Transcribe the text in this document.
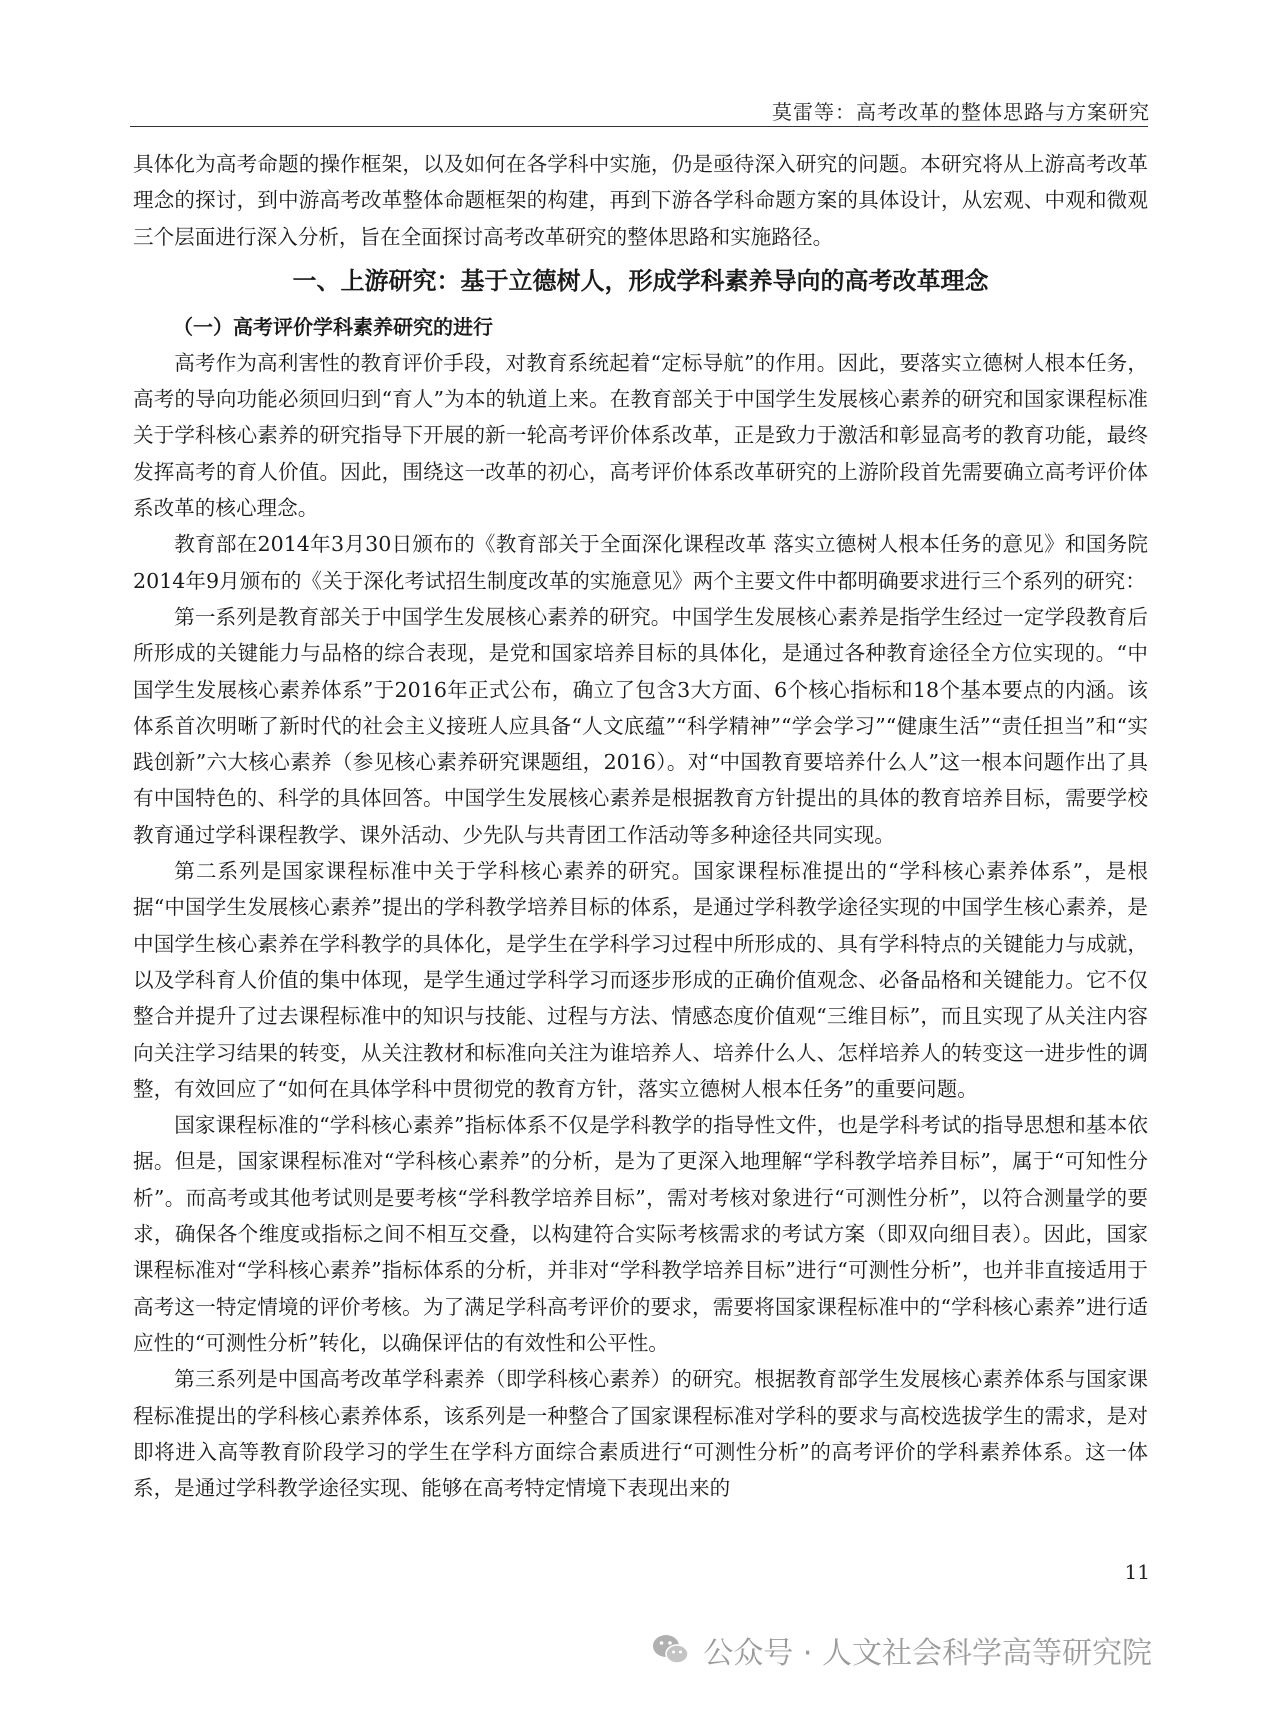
莫雷等：高考改革的整体思路与方案研究

具体化为高考命题的操作框架，以及如何在各学科中实施，仍是亟待深入研究的问题。本研究将从上游高考改革理念的探讨，到中游高考改革整体命题框架的构建，再到下游各学科命题方案的具体设计，从宏观、中观和微观三个层面进行深入分析，旨在全面探讨高考改革研究的整体思路和实施路径。

一、上游研究：基于立德树人，形成学科素养导向的高考改革理念
（一）高考评价学科素养研究的进行

高考作为高利害性的教育评价手段，对教育系统起着“定标导航”的作用。因此，要落实立德树人根本任务，高考的导向功能必须回归到“育人”为本的轨道上来。在教育部关于中国学生发展核心素养的研究和国家课程标准关于学科核心素养的研究指导下开展的新一轮高考评价体系改革，正是致力于激活和彰显高考的教育功能，最终发挥高考的育人价值。因此，围绕这一改革的初心，高考评价体系改革研究的上游阶段首先需要确立高考评价体系改革的核心理念。

教育部在2014年3月30日颁布的《教育部关于全面深化课程改革 落实立德树人根本任务的意见》和国务院2014年9月颁布的《关于深化考试招生制度改革的实施意见》两个主要文件中都明确要求进行三个系列的研究：

第一系列是教育部关于中国学生发展核心素养的研究。中国学生发展核心素养是指学生经过一定学段教育后所形成的关键能力与品格的综合表现，是党和国家培养目标的具体化，是通过各种教育途径全方位实现的。“中国学生发展核心素养体系”于2016年正式公布，确立了包含3大方面、6个核心指标和18个基本要点的内涵。该体系首次明晰了新时代的社会主义接班人应具备“人文底蕴”“科学精神”“学会学习”“健康生活”“责任担当”和“实践创新”六大核心素养（参见核心素养研究课题组，2016）。对“中国教育要培养什么人”这一根本问题作出了具有中国特色的、科学的具体回答。中国学生发展核心素养是根据教育方针提出的具体的教育培养目标，需要学校教育通过学科课程教学、课外活动、少先队与共青团工作活动等多种途径共同实现。

第二系列是国家课程标准中关于学科核心素养的研究。国家课程标准提出的“学科核心素养体系”，是根据“中国学生发展核心素养”提出的学科教学培养目标的体系，是通过学科教学途径实现的中国学生核心素养，是中国学生核心素养在学科教学的具体化，是学生在学科学习过程中所形成的、具有学科特点的关键能力与成就，以及学科育人价值的集中体现，是学生通过学科学习而逐步形成的正确价值观念、必备品格和关键能力。它不仅整合并提升了过去课程标准中的知识与技能、过程与方法、情感态度价值观“三维目标”，而且实现了从关注内容向关注学习结果的转变，从关注教材和标准向关注为谁培养人、培养什么人、怎样培养人的转变这一进步性的调整，有效回应了“如何在具体学科中贯彻党的教育方针，落实立德树人根本任务”的重要问题。

国家课程标准的“学科核心素养”指标体系不仅是学科教学的指导性文件，也是学科考试的指导思想和基本依据。但是，国家课程标准对“学科核心素养”的分析，是为了更深入地理解“学科教学培养目标”，属于“可知性分析”。而高考或其他考试则是要考核“学科教学培养目标”，需对考核对象进行“可测性分析”，以符合测量学的要求，确保各个维度或指标之间不相互交叠，以构建符合实际考核需求的考试方案（即双向细目表）。因此，国家课程标准对“学科核心素养”指标体系的分析，并非对“学科教学培养目标”进行“可测性分析”，也并非直接适用于高考这一特定情境的评价考核。为了满足学科高考评价的要求，需要将国家课程标准中的“学科核心素养”进行适应性的“可测性分析”转化，以确保评估的有效性和公平性。

第三系列是中国高考改革学科素养（即学科核心素养）的研究。根据教育部学生发展核心素养体系与国家课程标准提出的学科核心素养体系，该系列是一种整合了国家课程标准对学科的要求与高校选拔学生的需求，是对即将进入高等教育阶段学习的学生在学科方面综合素质进行“可测性分析”的高考评价的学科素养体系。这一体系，是通过学科教学途径实现、能够在高考特定情境下表现出来的

11
公众号 · 人文社会科学高等研究院
